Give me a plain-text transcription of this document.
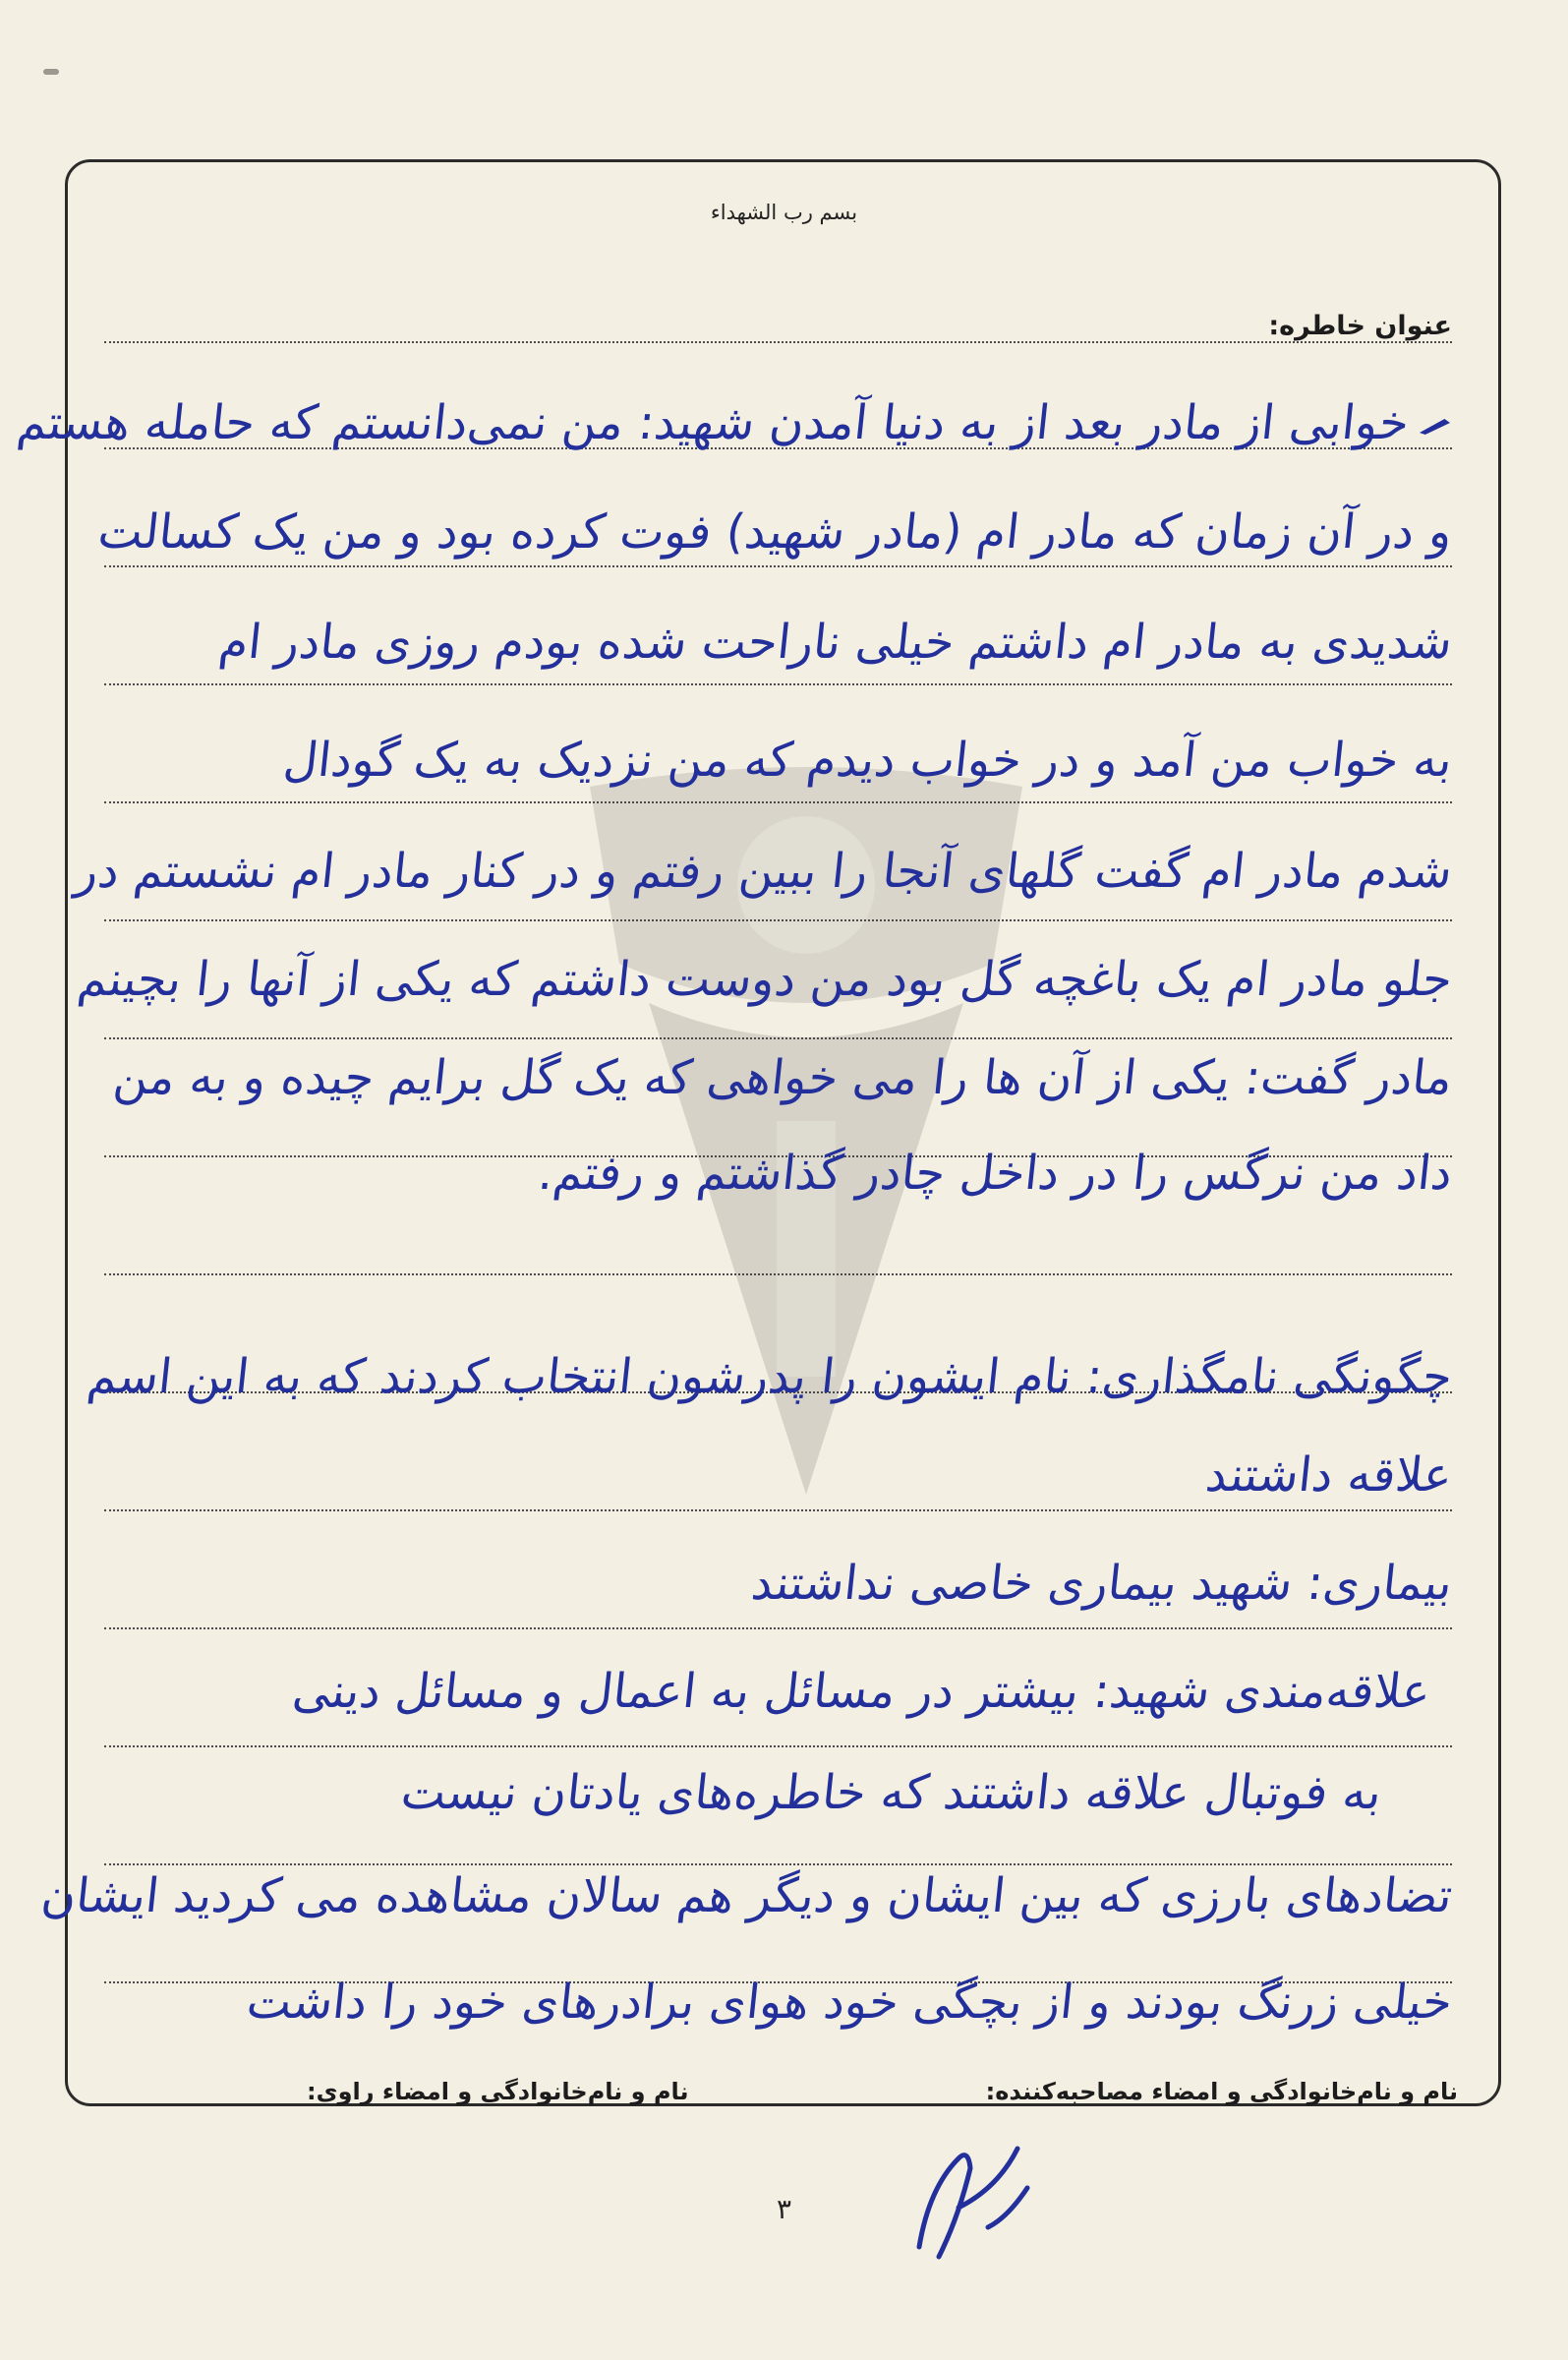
بسم رب الشهداء
عنوان خاطره:
خوابی از مادر بعد از به دنیا آمدن شهید: من نمی‌دانستم که حامله هستم
و در آن زمان که مادر ام (مادر شهید) فوت کرده بود و من یک کسالت
شدیدی به مادر ام داشتم خیلی ناراحت شده بودم روزی مادر ام
به خواب من آمد و در خواب دیدم که من نزدیک به یک گودال
شدم مادر ام گفت گلهای آنجا را ببین رفتم و در کنار مادر ام نشستم در
جلو مادر ام یک باغچه گل بود من دوست داشتم که یکی از آنها را بچینم
مادر گفت: یکی از آن ها را می خواهی که یک گل برایم چیده و به من
داد من نرگس را در داخل چادر گذاشتم و رفتم.
چگونگی نامگذاری: نام ایشون را پدرشون انتخاب کردند که به این اسم
علاقه داشتند
بیماری: شهید بیماری خاصی نداشتند
علاقه‌مندی شهید: بیشتر در مسائل به اعمال و مسائل دینی
به فوتبال علاقه داشتند که خاطره‌های یادتان نیست
تضادهای بارزی که بین ایشان و دیگر هم سالان مشاهده می کردید ایشان
خیلی زرنگ بودند و از بچگی خود هوای برادرهای خود را داشت
نام و نام‌خانوادگی و امضاء مصاحبه‌کننده:
نام و نام‌خانوادگی و امضاء راوی:
٣
